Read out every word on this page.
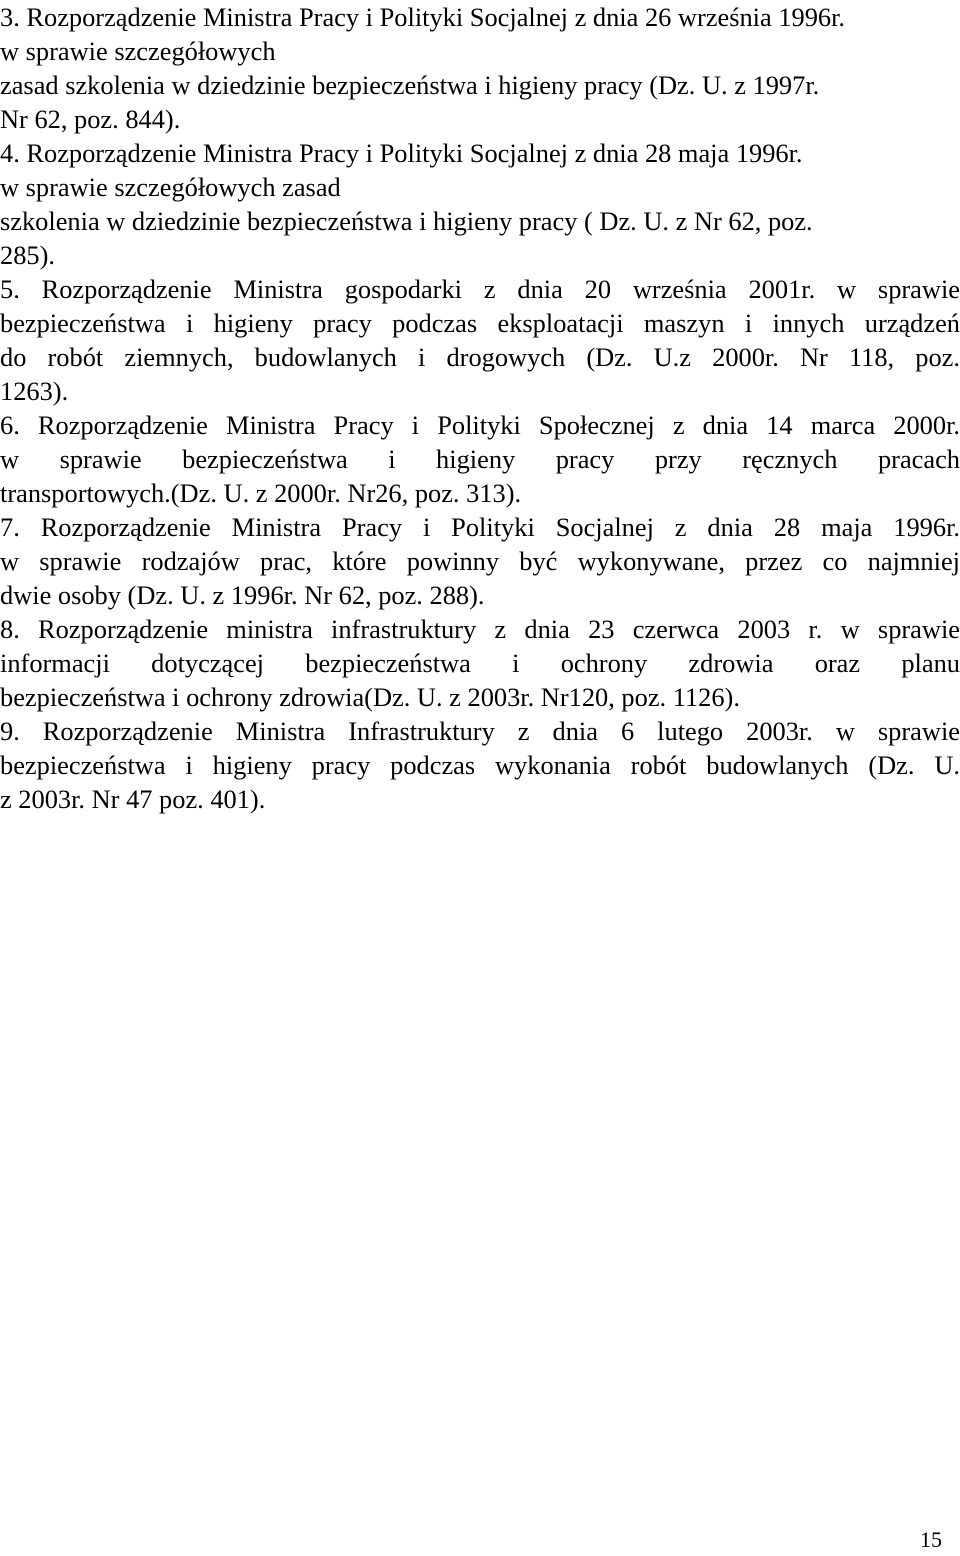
3. Rozporządzenie Ministra Pracy i Polityki Socjalnej z dnia 26 września 1996r.
w sprawie szczegółowych
zasad szkolenia w dziedzinie bezpieczeństwa i higieny pracy (Dz. U. z 1997r.
Nr 62, poz. 844).
4. Rozporządzenie Ministra Pracy i Polityki Socjalnej z dnia 28 maja 1996r.
w sprawie szczegółowych zasad
szkolenia w dziedzinie bezpieczeństwa i higieny pracy ( Dz. U. z Nr 62, poz.
285).
5. Rozporządzenie Ministra gospodarki z dnia 20 września 2001r. w sprawie
bezpieczeństwa i higieny pracy podczas eksploatacji maszyn i innych urządzeń
do robót ziemnych, budowlanych i drogowych (Dz. U.z 2000r. Nr 118, poz.
1263).
6. Rozporządzenie Ministra Pracy i Polityki Społecznej z dnia 14 marca 2000r.
w sprawie bezpieczeństwa i higieny pracy przy ręcznych pracach
transportowych.(Dz. U. z 2000r. Nr26, poz. 313).
7. Rozporządzenie Ministra Pracy i Polityki Socjalnej z dnia 28 maja 1996r.
w sprawie rodzajów prac, które powinny być wykonywane, przez co najmniej
dwie osoby (Dz. U. z 1996r. Nr 62, poz. 288).
8. Rozporządzenie ministra infrastruktury z dnia 23 czerwca 2003 r. w sprawie
informacji dotyczącej bezpieczeństwa i ochrony zdrowia oraz planu
bezpieczeństwa i ochrony zdrowia(Dz. U. z 2003r. Nr120, poz. 1126).
9. Rozporządzenie Ministra Infrastruktury z dnia 6 lutego 2003r. w sprawie
bezpieczeństwa i higieny pracy podczas wykonania robót budowlanych (Dz. U.
z 2003r. Nr 47 poz. 401).
15
